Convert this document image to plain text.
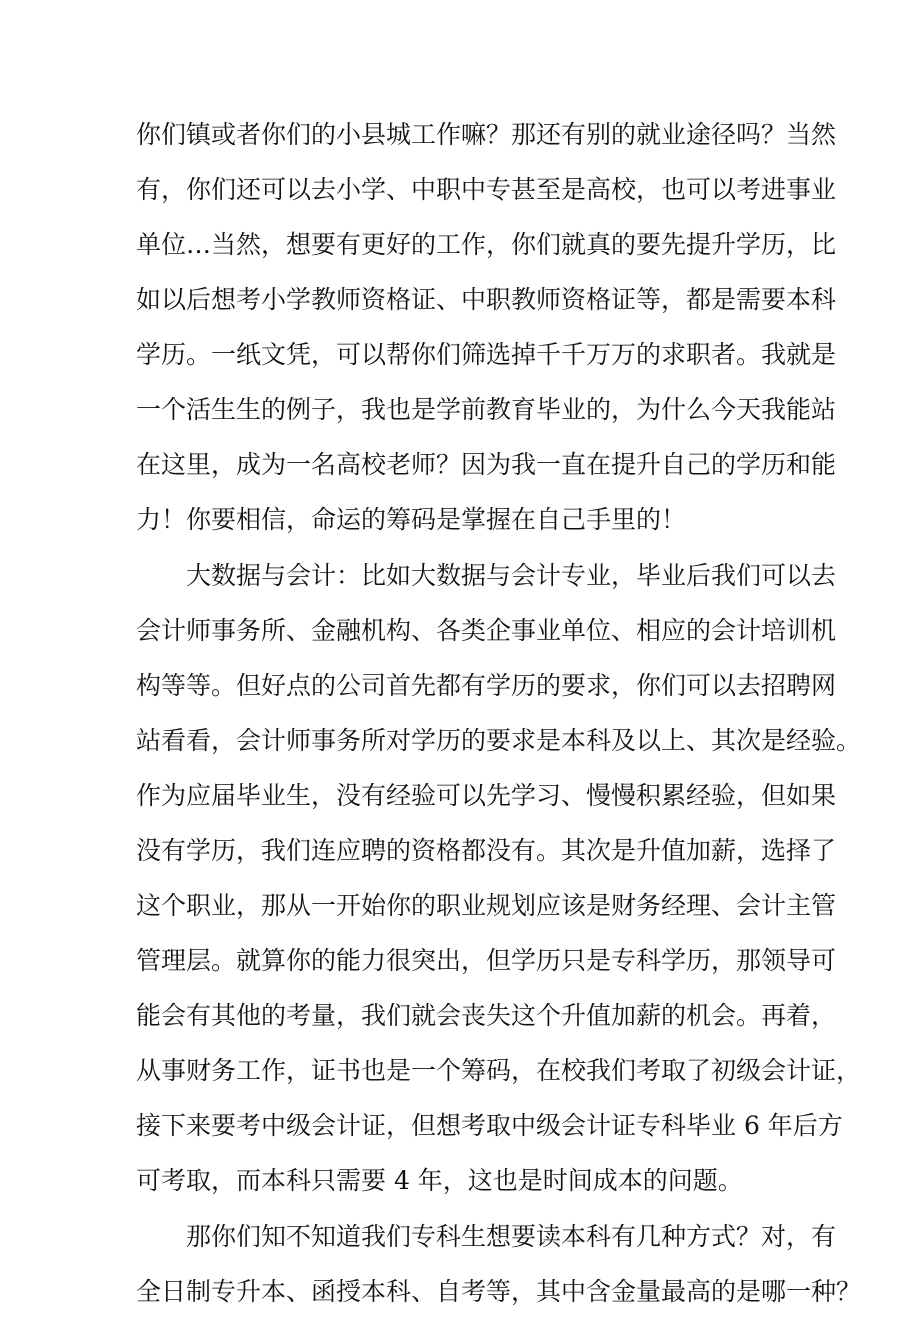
你们镇或者你们的小县城工作嘛？那还有别的就业途径吗？当然
有，你们还可以去小学、中职中专甚至是高校，也可以考进事业
单位…当然，想要有更好的工作，你们就真的要先提升学历，比
如以后想考小学教师资格证、中职教师资格证等，都是需要本科
学历。一纸文凭，可以帮你们筛选掉千千万万的求职者。我就是
一个活生生的例子，我也是学前教育毕业的，为什么今天我能站
在这里，成为一名高校老师？因为我一直在提升自己的学历和能
力！你要相信，命运的筹码是掌握在自己手里的！
大数据与会计：比如大数据与会计专业，毕业后我们可以去
会计师事务所、金融机构、各类企事业单位、相应的会计培训机
构等等。但好点的公司首先都有学历的要求，你们可以去招聘网
站看看，会计师事务所对学历的要求是本科及以上、其次是经验。
作为应届毕业生，没有经验可以先学习、慢慢积累经验，但如果
没有学历，我们连应聘的资格都没有。其次是升值加薪，选择了
这个职业，那从一开始你的职业规划应该是财务经理、会计主管
管理层。就算你的能力很突出，但学历只是专科学历，那领导可
能会有其他的考量，我们就会丧失这个升值加薪的机会。再着，
从事财务工作，证书也是一个筹码，在校我们考取了初级会计证，
接下来要考中级会计证，但想考取中级会计证专科毕业 6 年后方
可考取，而本科只需要 4 年，这也是时间成本的问题。
那你们知不知道我们专科生想要读本科有几种方式？对，有
全日制专升本、函授本科、自考等，其中含金量最高的是哪一种？
